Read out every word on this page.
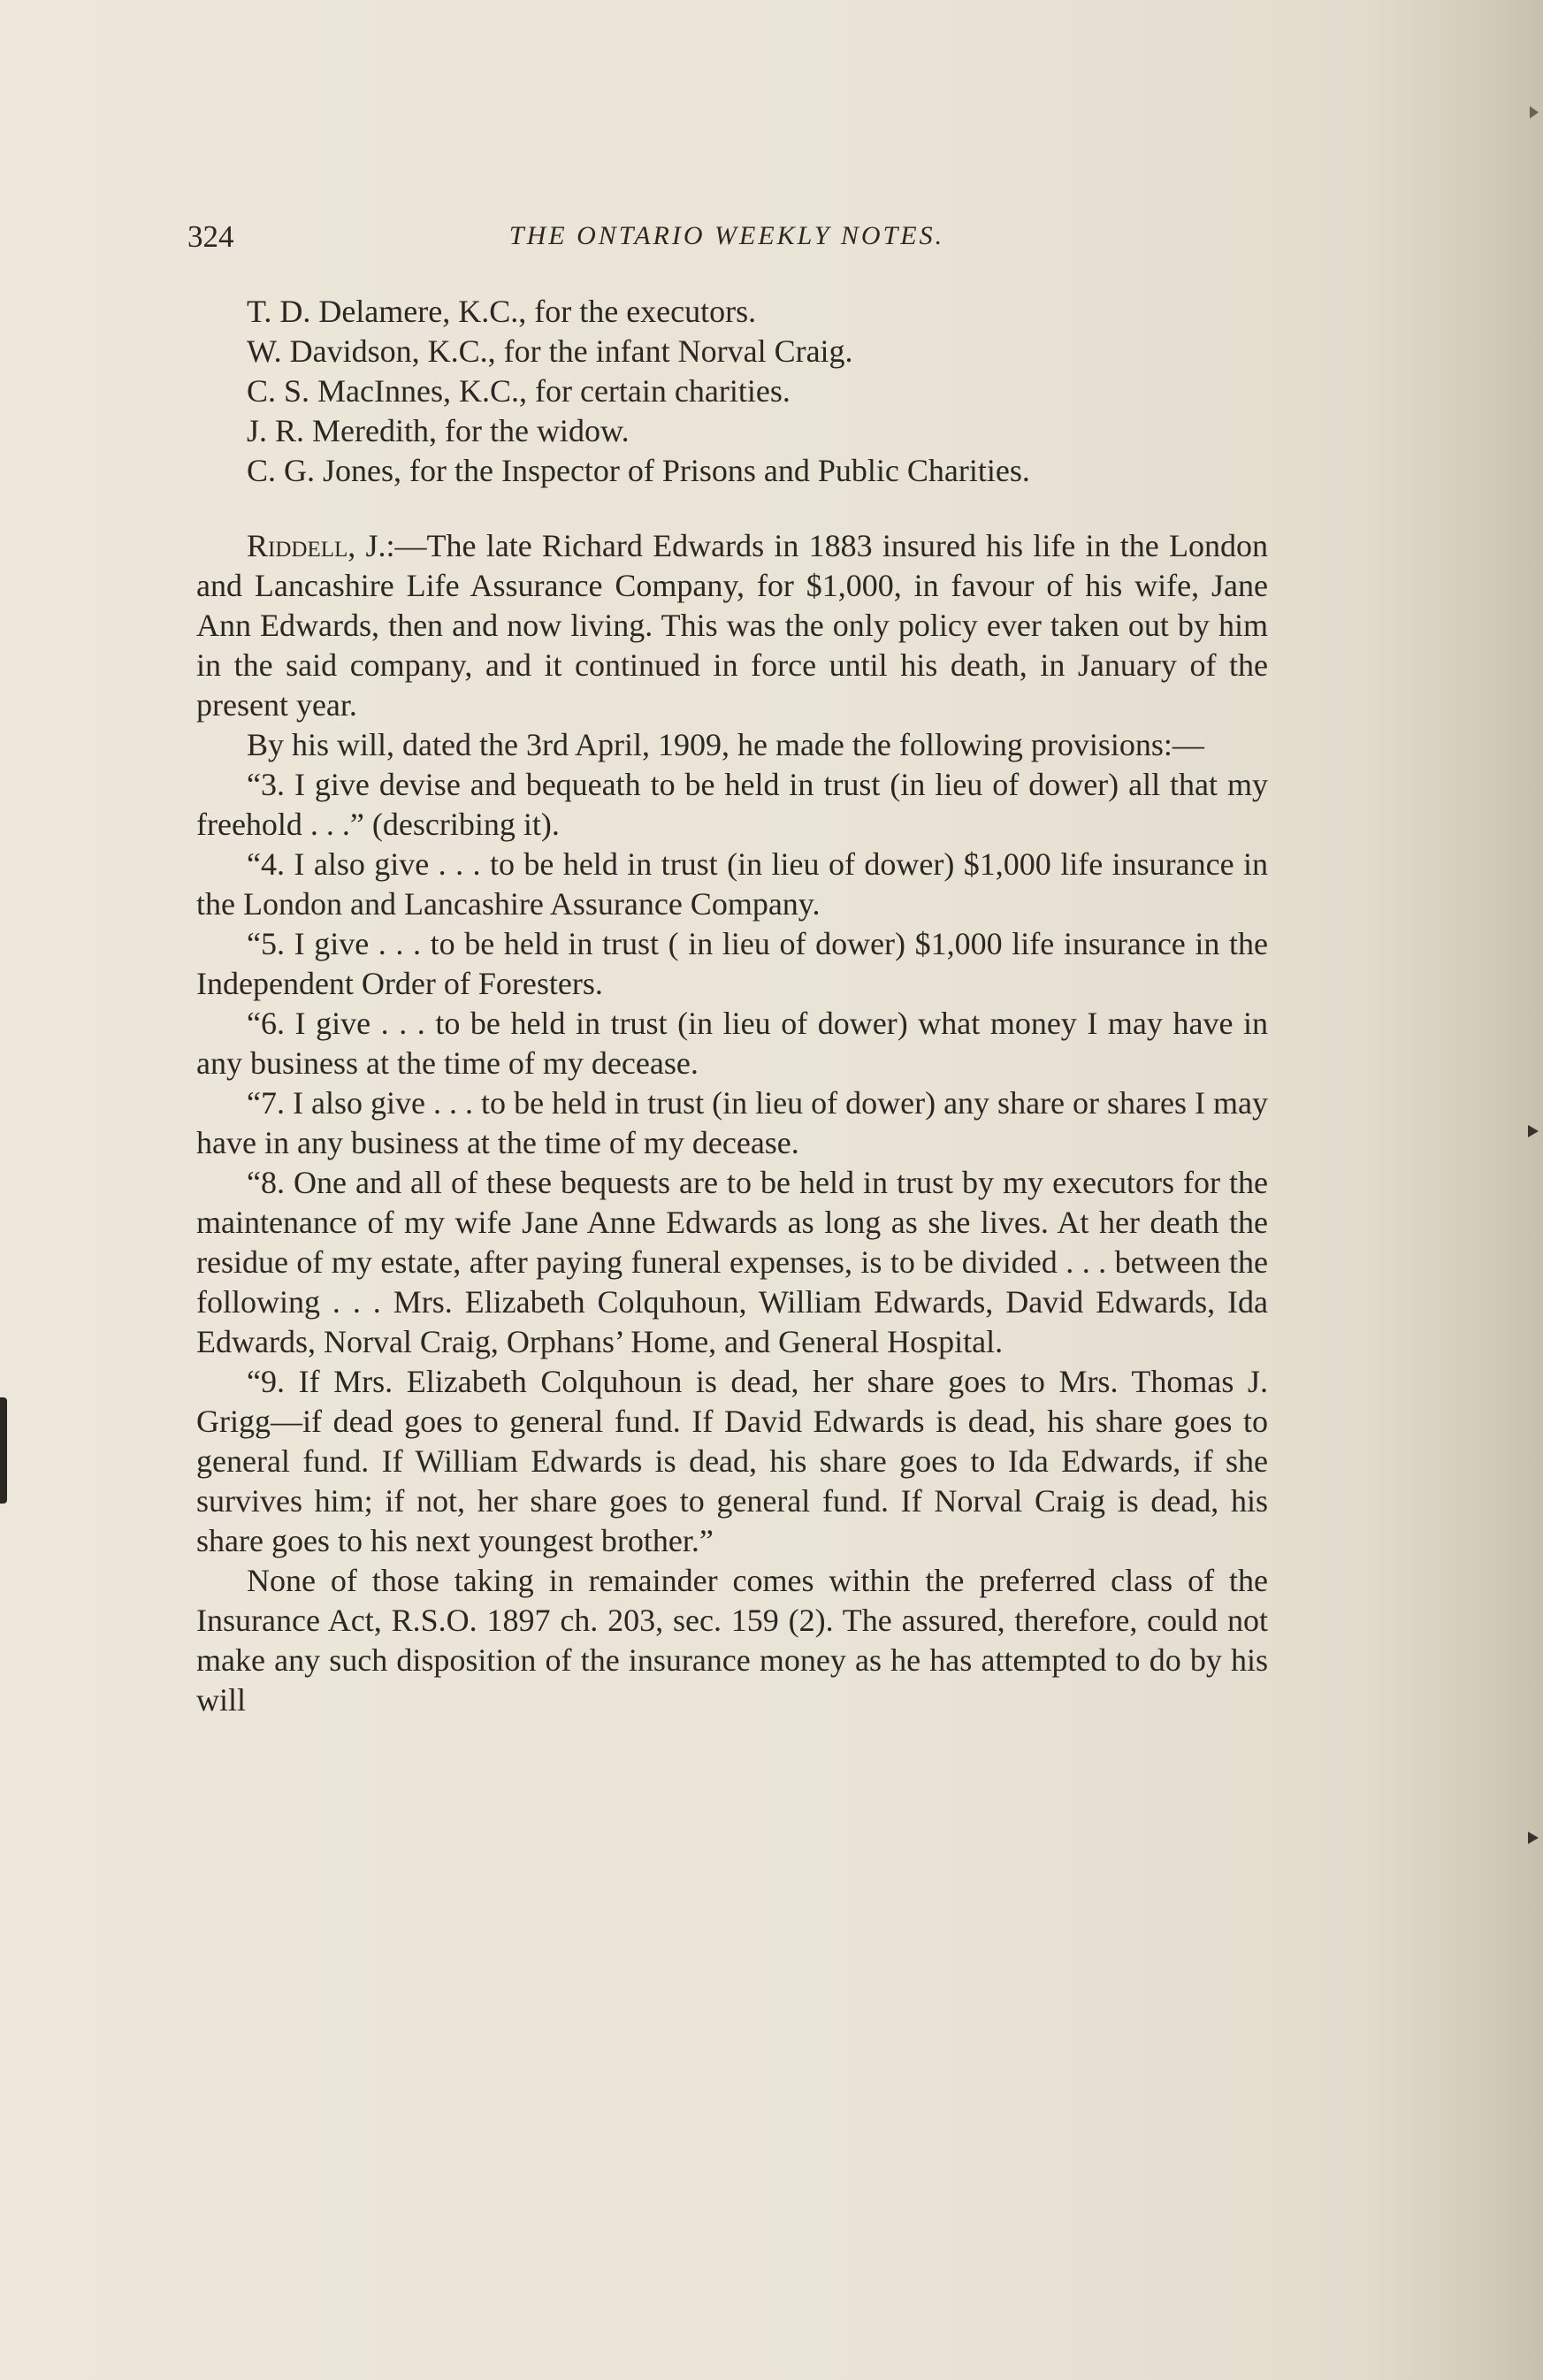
324	THE ONTARIO WEEKLY NOTES.
T. D. Delamere, K.C., for the executors.
W. Davidson, K.C., for the infant Norval Craig.
C. S. MacInnes, K.C., for certain charities.
J. R. Meredith, for the widow.
C. G. Jones, for the Inspector of Prisons and Public Charities.

Riddell, J.:—The late Richard Edwards in 1883 insured his life in the London and Lancashire Life Assurance Company, for $1,000, in favour of his wife, Jane Ann Edwards, then and now living. This was the only policy ever taken out by him in the said company, and it continued in force until his death, in January of the present year.

By his will, dated the 3rd April, 1909, he made the following provisions:—

“3. I give devise and bequeath to be held in trust (in lieu of dower) all that my freehold . . .” (describing it).

“4. I also give . . . to be held in trust (in lieu of dower) $1,000 life insurance in the London and Lancashire Assurance Company.

“5. I give . . . to be held in trust ( in lieu of dower) $1,000 life insurance in the Independent Order of Foresters.

“6. I give . . . to be held in trust (in lieu of dower) what money I may have in any business at the time of my decease.

“7. I also give . . . to be held in trust (in lieu of dower) any share or shares I may have in any business at the time of my decease.

“8. One and all of these bequests are to be held in trust by my executors for the maintenance of my wife Jane Anne Edwards as long as she lives. At her death the residue of my estate, after paying funeral expenses, is to be divided . . . between the following . . . Mrs. Elizabeth Colquhoun, William Edwards, David Edwards, Ida Edwards, Norval Craig, Orphans’ Home, and General Hospital.

“9. If Mrs. Elizabeth Colquhoun is dead, her share goes to Mrs. Thomas J. Grigg—if dead goes to general fund. If David Edwards is dead, his share goes to general fund. If William Edwards is dead, his share goes to Ida Edwards, if she survives him; if not, her share goes to general fund. If Norval Craig is dead, his share goes to his next youngest brother.”

None of those taking in remainder comes within the preferred class of the Insurance Act, R.S.O. 1897 ch. 203, sec. 159 (2). The assured, therefore, could not make any such disposition of the insurance money as he has attempted to do by his will
